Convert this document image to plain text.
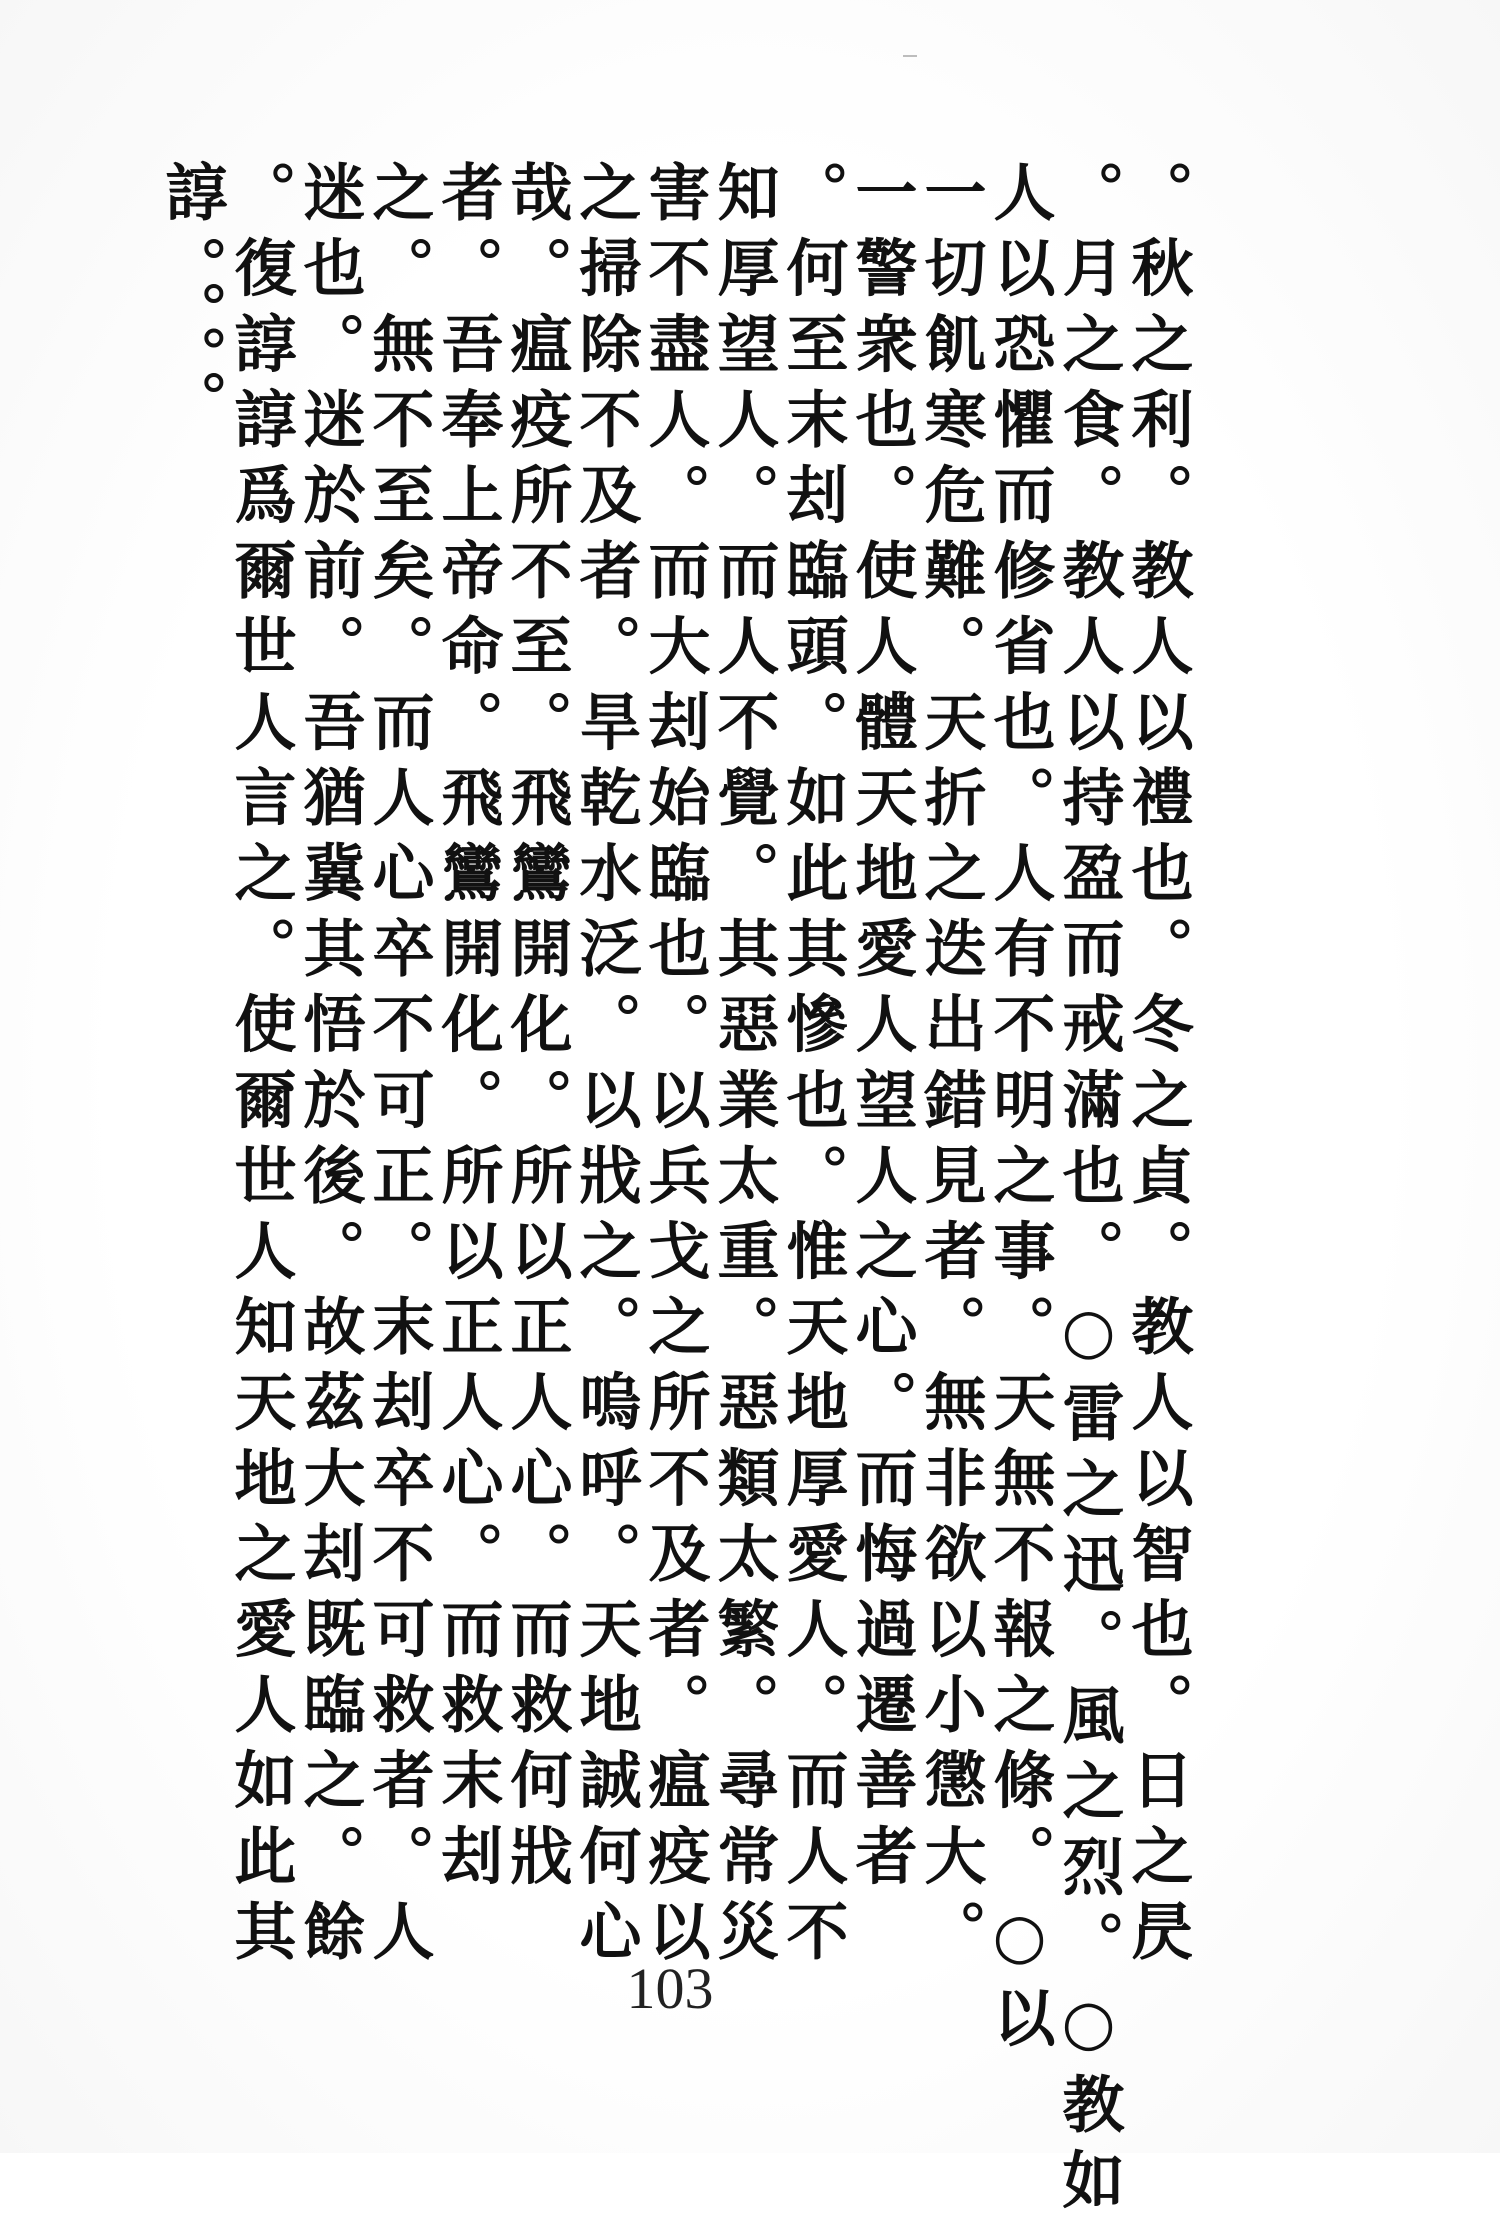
。秋之利。教人以禮也。冬之貞。教人以智也。日之昃
。月之食。教人以持盈而戒滿也。○雷之迅。風之烈。○教如
人以恐懼而修省也。人有不明之事。天無不報之條。○以
一切飢寒危難。天折之迭出錯見者。無非欲以小懲大。
一警衆也。使人體天地愛人望人之心。而悔過遷善者
。何至末刦臨頭。如此其慘也。惟天地厚愛人。而人不
知厚望人。而人不覺。其惡業太重。惡類太繁。尋常災
害不盡人。而大刦始臨也。以兵戈之所不及者。瘟疫以
之掃除不及者。旱乾水泛。以戕之。嗚呼。天地誠何心
哉。瘟疫所不至。飛鸞開化。所以正人心。而救何戕
者。吾奉上帝命。飛鸞開化。所以正人心。而救末刦
之。無不至矣。而人心卒不可正。末刦卒不可救者。人
迷也。迷於前。吾猶冀其悟於後。故茲大刦既臨之。餘
。復諄諄爲爾世人言之。使爾世人知天地之愛人如此其
諄。。。。
103
